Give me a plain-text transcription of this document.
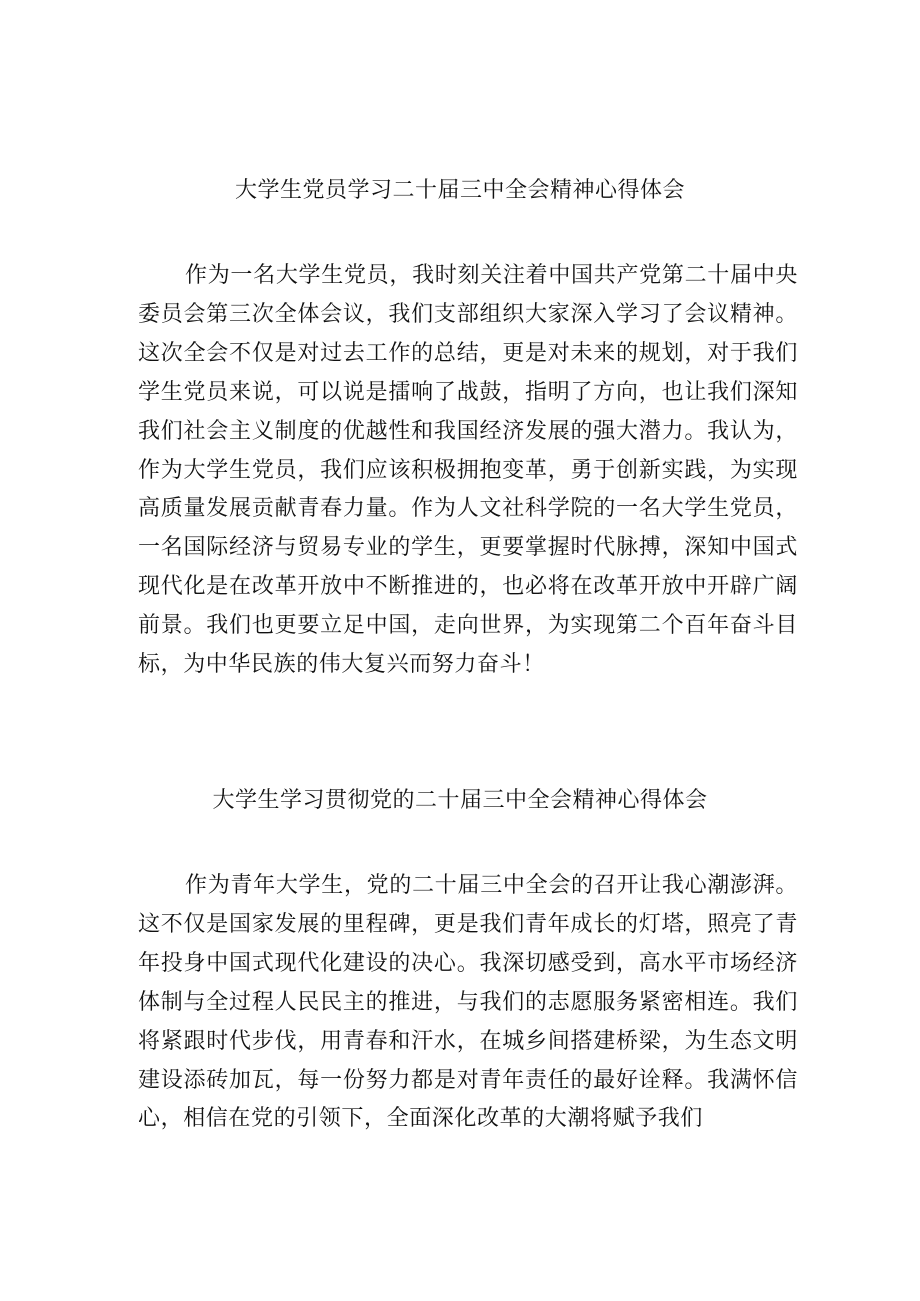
大学生党员学习二十届三中全会精神心得体会

作为一名大学生党员，我时刻关注着中国共产党第二十届中央委员会第三次全体会议，我们支部组织大家深入学习了会议精神。这次全会不仅是对过去工作的总结，更是对未来的规划，对于我们学生党员来说，可以说是擂响了战鼓，指明了方向，也让我们深知我们社会主义制度的优越性和我国经济发展的强大潜力。我认为，作为大学生党员，我们应该积极拥抱变革，勇于创新实践，为实现高质量发展贡献青春力量。作为人文社科学院的一名大学生党员，一名国际经济与贸易专业的学生，更要掌握时代脉搏，深知中国式现代化是在改革开放中不断推进的，也必将在改革开放中开辟广阔前景。我们也更要立足中国，走向世界，为实现第二个百年奋斗目标，为中华民族的伟大复兴而努力奋斗！

大学生学习贯彻党的二十届三中全会精神心得体会

作为青年大学生，党的二十届三中全会的召开让我心潮澎湃。这不仅是国家发展的里程碑，更是我们青年成长的灯塔，照亮了青年投身中国式现代化建设的决心。我深切感受到，高水平市场经济体制与全过程人民民主的推进，与我们的志愿服务紧密相连。我们将紧跟时代步伐，用青春和汗水，在城乡间搭建桥梁，为生态文明建设添砖加瓦，每一份努力都是对青年责任的最好诠释。我满怀信心，相信在党的引领下，全面深化改革的大潮将赋予我们
